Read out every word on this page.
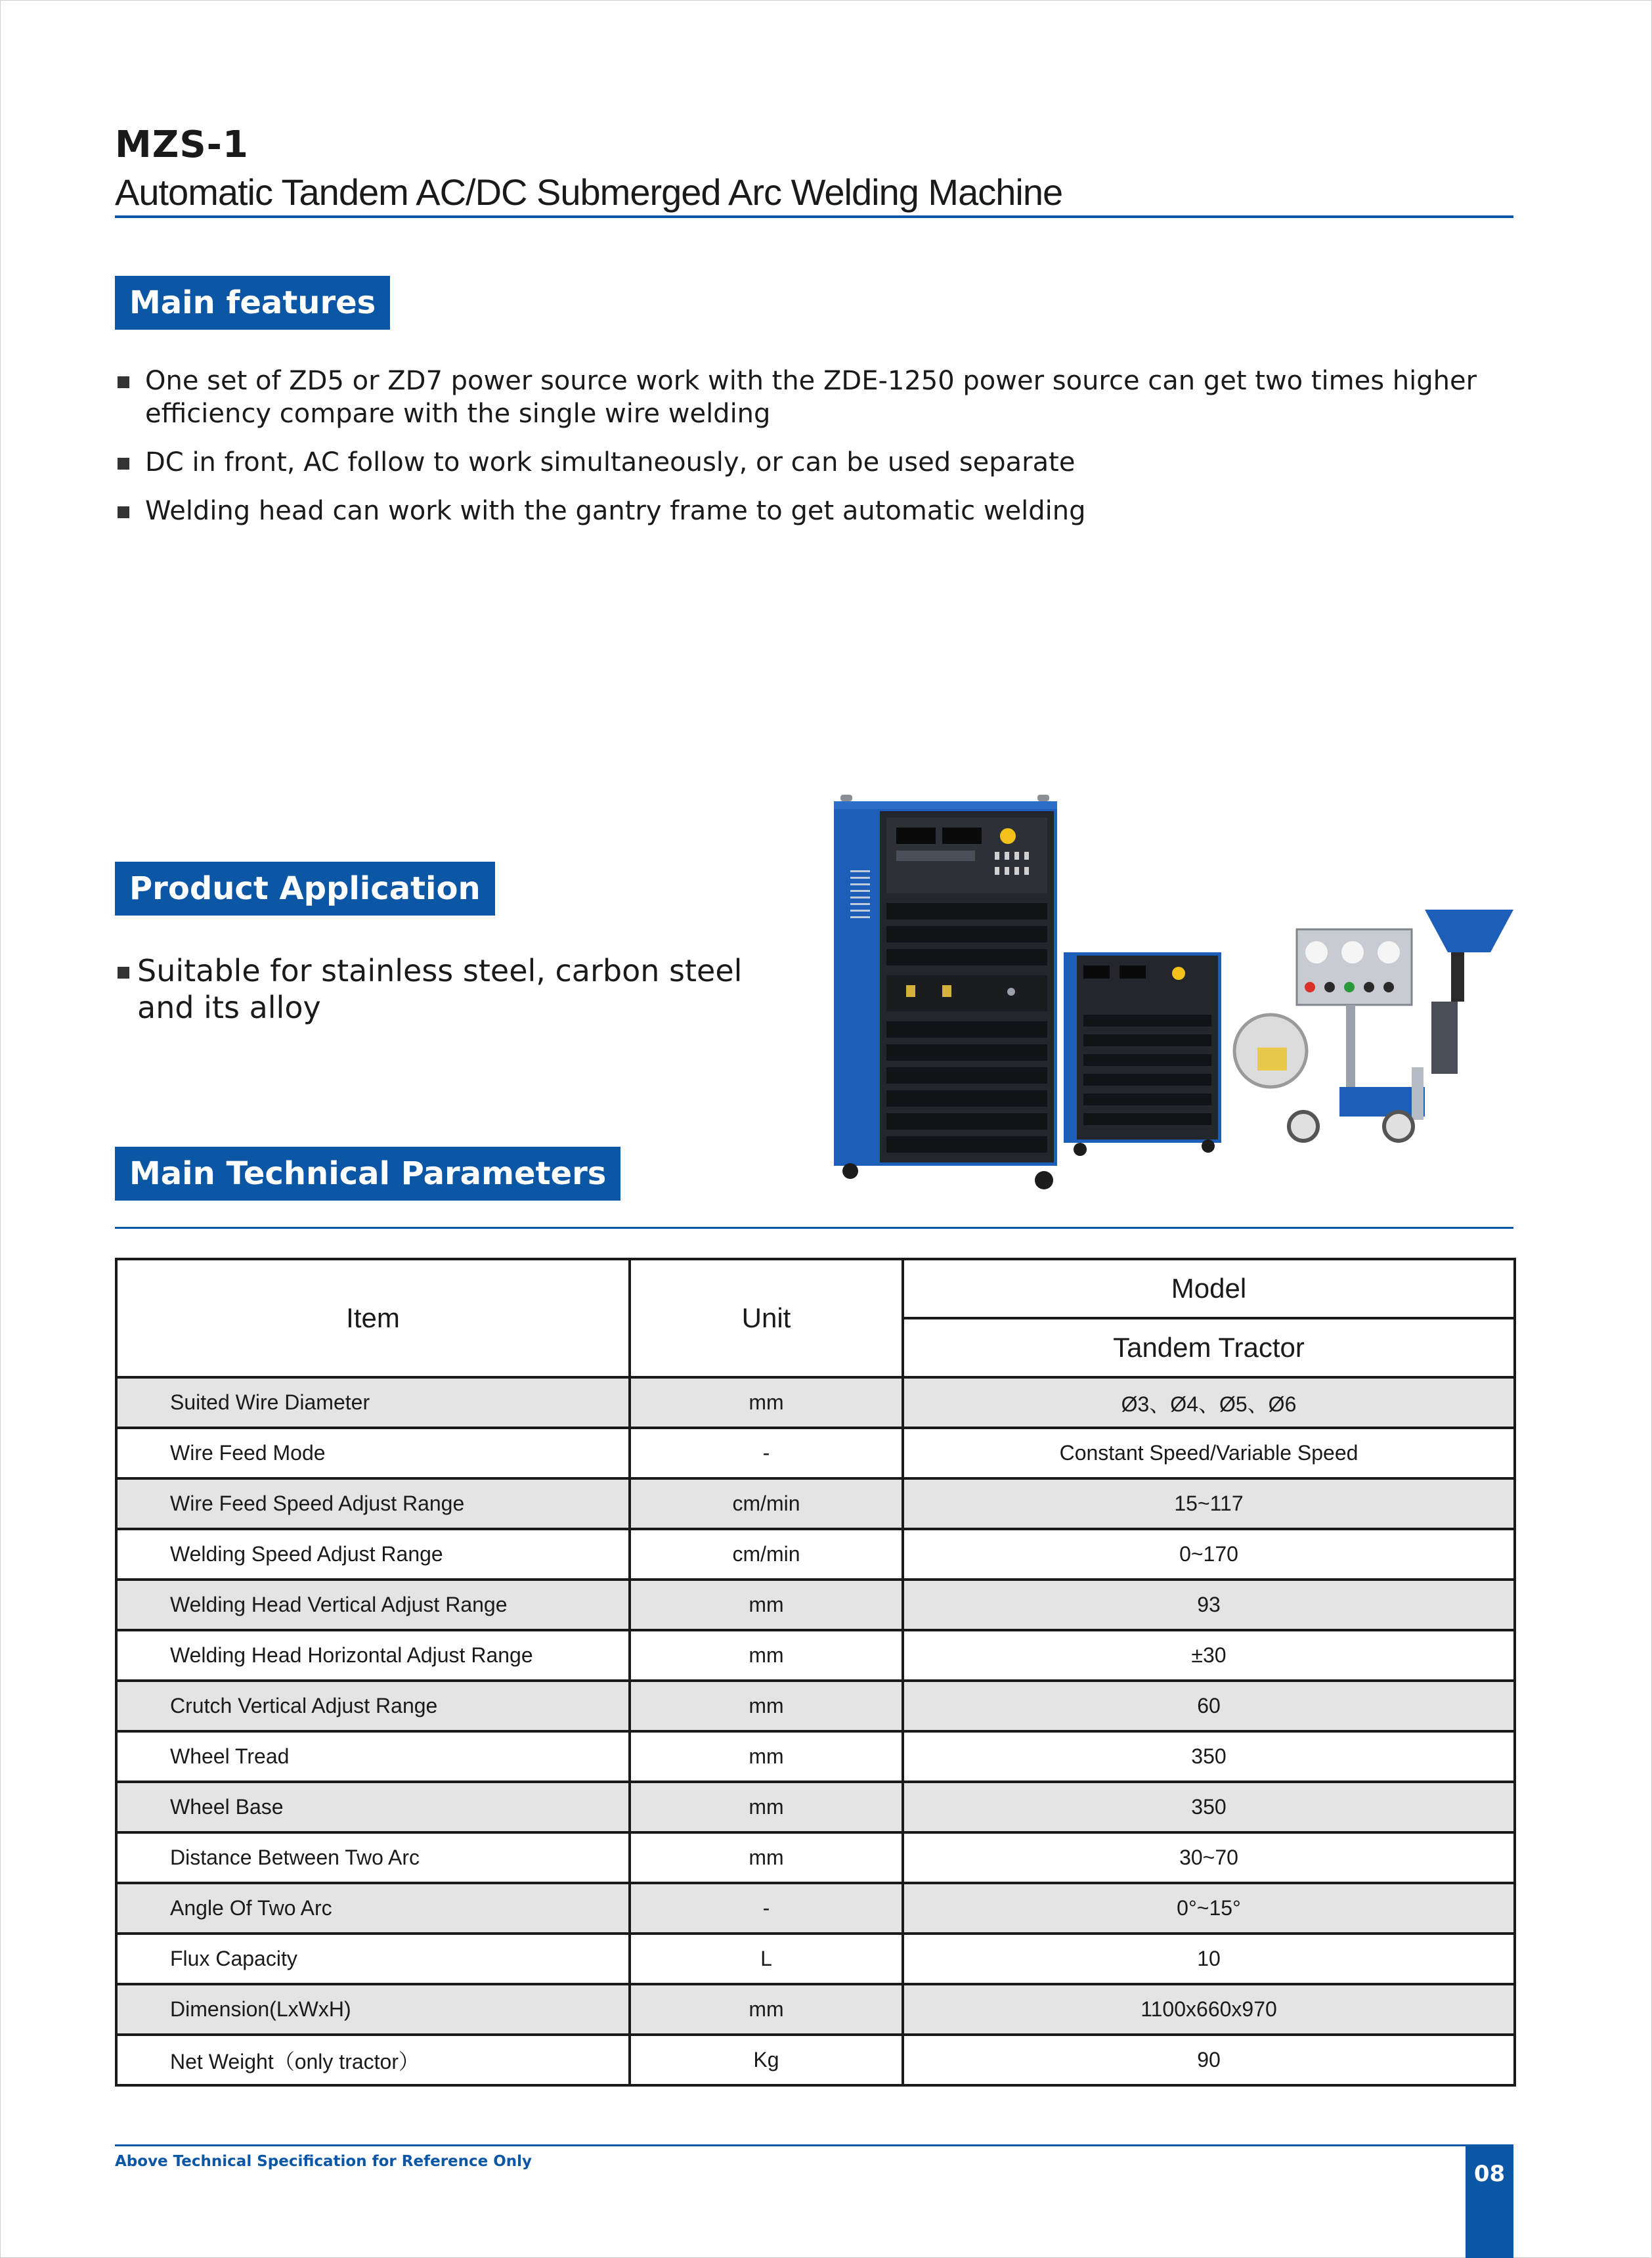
MZS-1
Automatic Tandem AC/DC Submerged Arc Welding Machine
Main features
One set of ZD5 or ZD7 power source work with the ZDE-1250 power source can get two times higher efficiency compare with the single wire welding
DC in front, AC follow to work simultaneously, or can be used separate
Welding head can work with the gantry frame to get automatic welding
Product Application
Suitable for stainless steel, carbon steel and its alloy
Main Technical Parameters
Item	Unit	Model
		Tandem Tractor
Suited Wire Diameter	mm	Ø3、Ø4、Ø5、Ø6
Wire Feed Mode	-	Constant Speed/Variable Speed
Wire Feed Speed Adjust Range	cm/min	15~117
Welding Speed Adjust Range	cm/min	0~170
Welding Head Vertical Adjust Range	mm	93
Welding Head Horizontal Adjust Range	mm	±30
Crutch Vertical Adjust Range	mm	60
Wheel Tread	mm	350
Wheel Base	mm	350
Distance Between Two Arc	mm	30~70
Angle Of Two Arc	-	0°~15°
Flux Capacity	L	10
Dimension(LxWxH)	mm	1100x660x970
Net Weight（only tractor）	Kg	90
Above Technical Specification for Reference Only	08
